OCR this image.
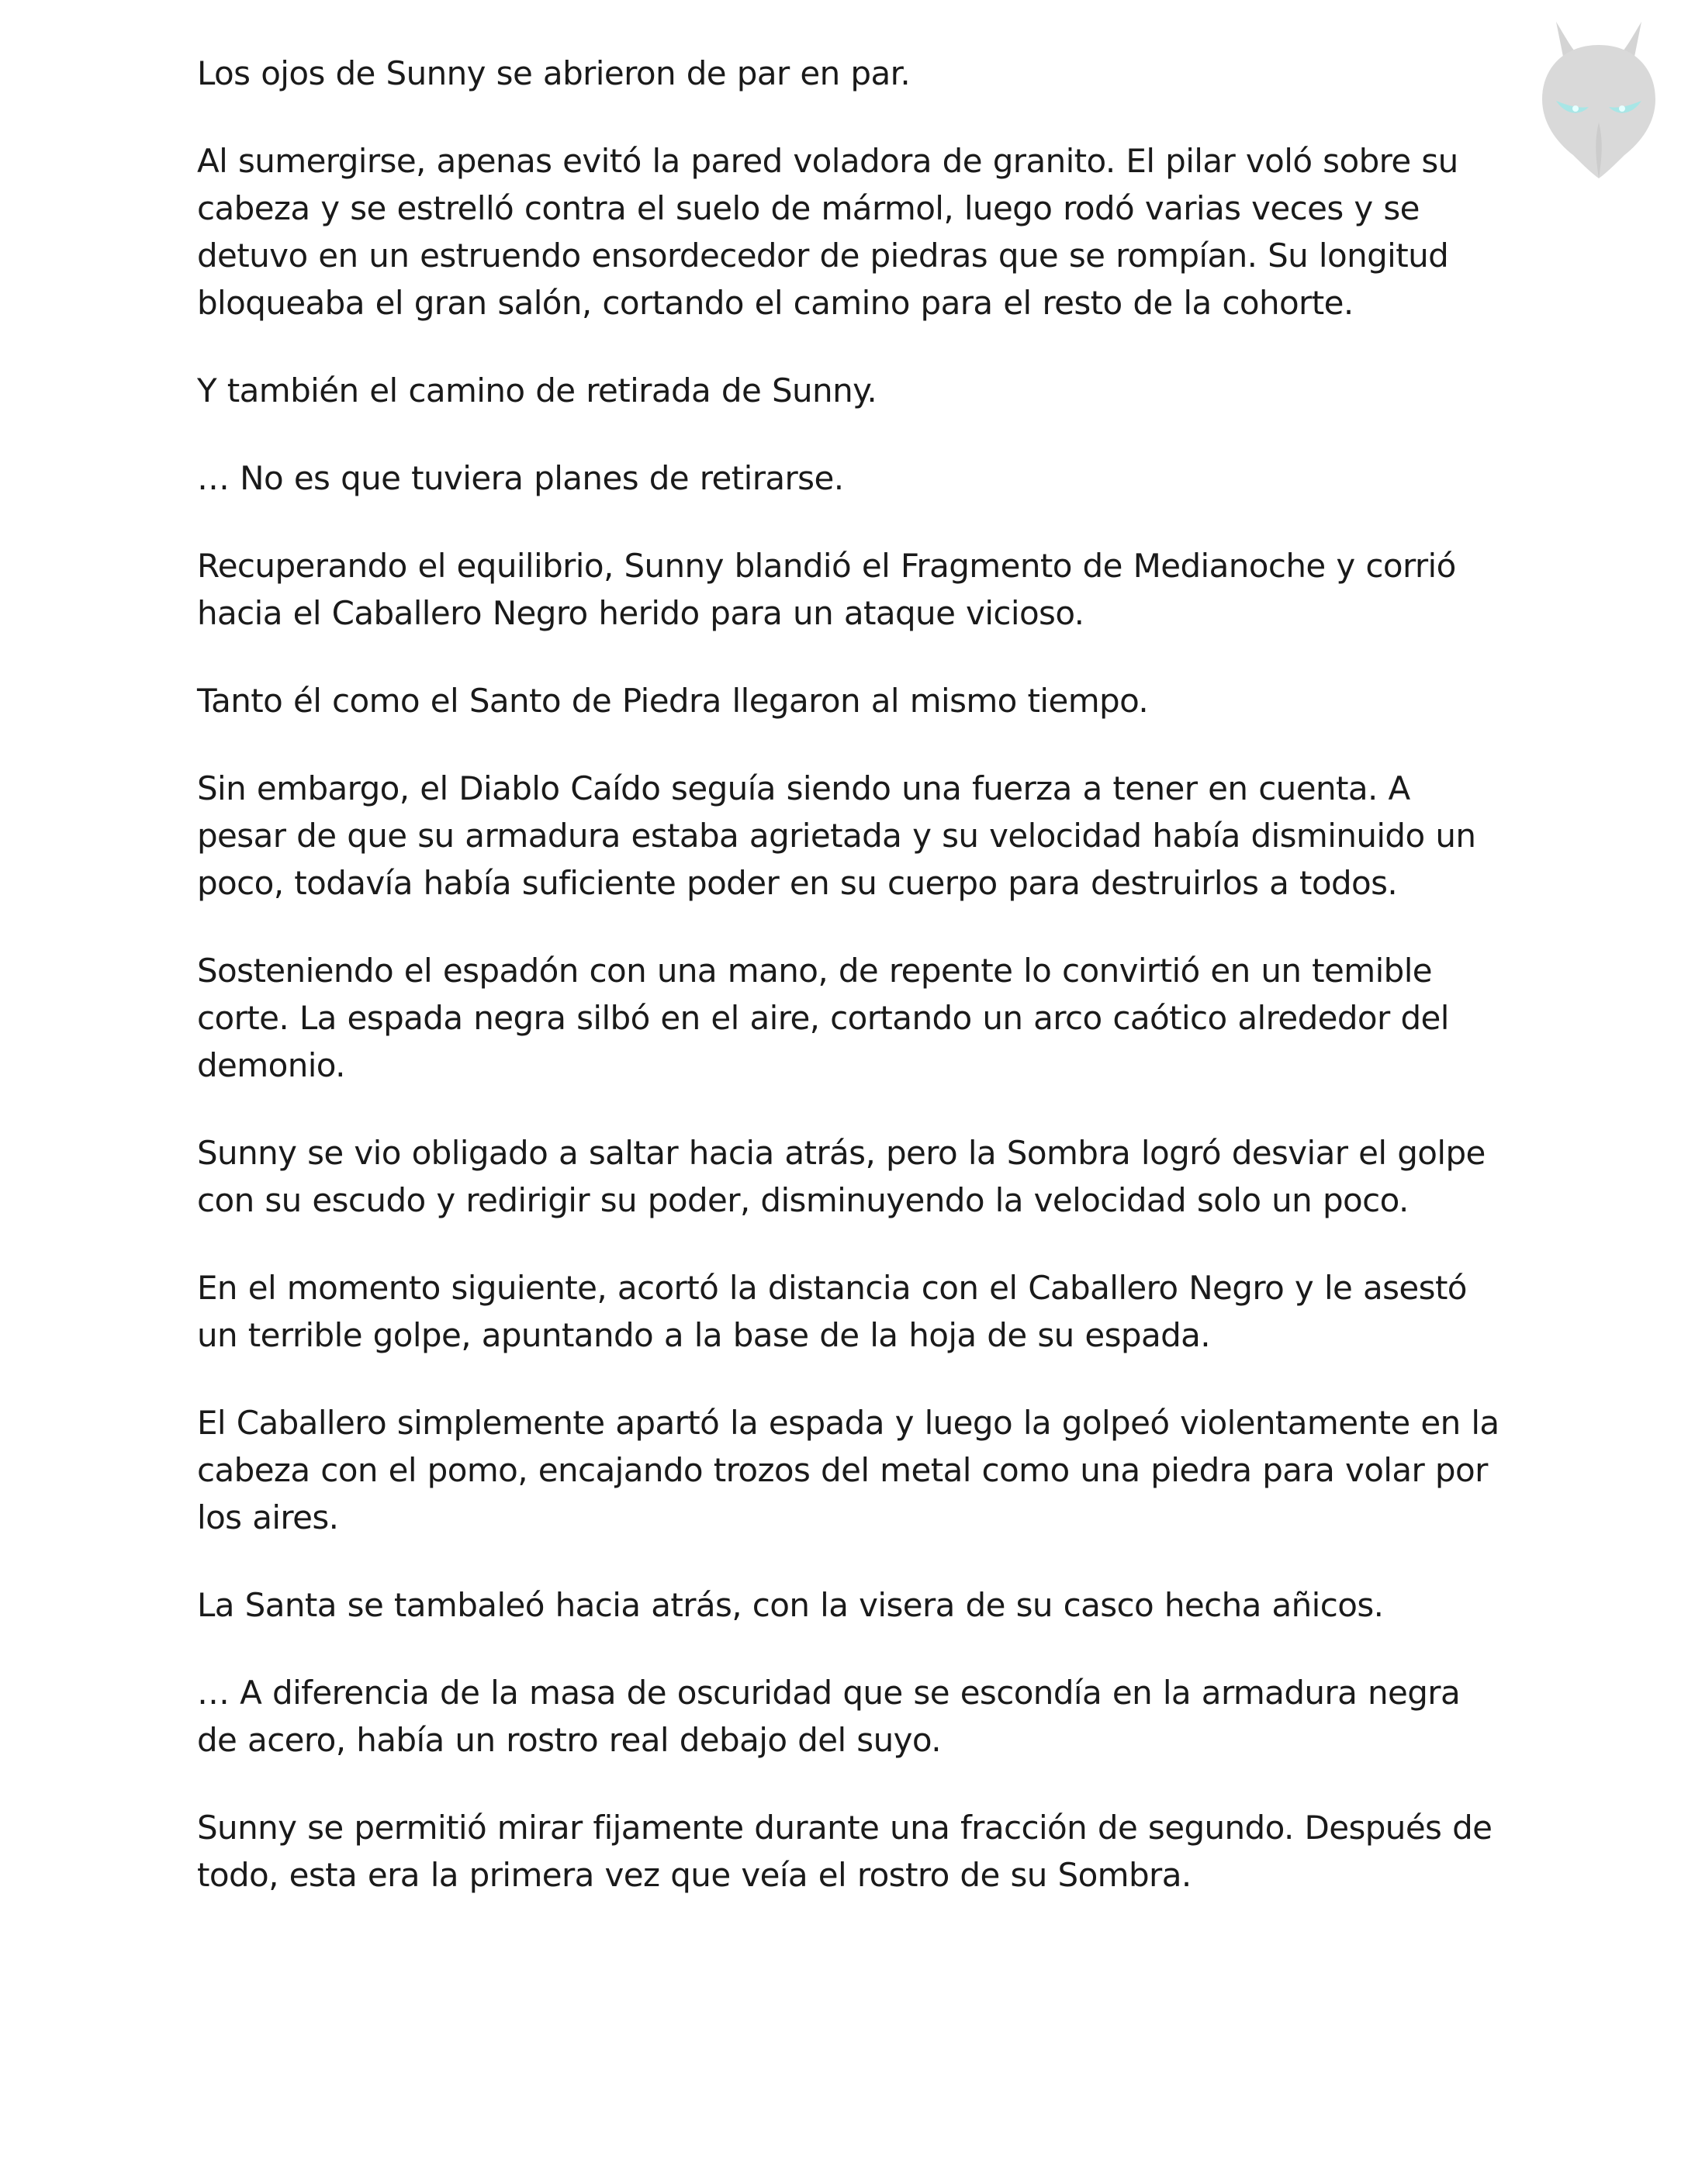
Los ojos de Sunny se abrieron de par en par.

Al sumergirse, apenas evitó la pared voladora de granito. El pilar voló sobre su cabeza y se estrelló contra el suelo de mármol, luego rodó varias veces y se detuvo en un estruendo ensordecedor de piedras que se rompían. Su longitud bloqueaba el gran salón, cortando el camino para el resto de la cohorte.

Y también el camino de retirada de Sunny.

… No es que tuviera planes de retirarse.

Recuperando el equilibrio, Sunny blandió el Fragmento de Medianoche y corrió hacia el Caballero Negro herido para un ataque vicioso.

Tanto él como el Santo de Piedra llegaron al mismo tiempo.

Sin embargo, el Diablo Caído seguía siendo una fuerza a tener en cuenta. A pesar de que su armadura estaba agrietada y su velocidad había disminuido un poco, todavía había suficiente poder en su cuerpo para destruirlos a todos.

Sosteniendo el espadón con una mano, de repente lo convirtió en un temible corte. La espada negra silbó en el aire, cortando un arco caótico alrededor del demonio.

Sunny se vio obligado a saltar hacia atrás, pero la Sombra logró desviar el golpe con su escudo y redirigir su poder, disminuyendo la velocidad solo un poco.

En el momento siguiente, acortó la distancia con el Caballero Negro y le asestó un terrible golpe, apuntando a la base de la hoja de su espada.

El Caballero simplemente apartó la espada y luego la golpeó violentamente en la cabeza con el pomo, encajando trozos del metal como una piedra para volar por los aires.

La Santa se tambaleó hacia atrás, con la visera de su casco hecha añicos.

… A diferencia de la masa de oscuridad que se escondía en la armadura negra de acero, había un rostro real debajo del suyo.

Sunny se permitió mirar fijamente durante una fracción de segundo. Después de todo, esta era la primera vez que veía el rostro de su Sombra.
